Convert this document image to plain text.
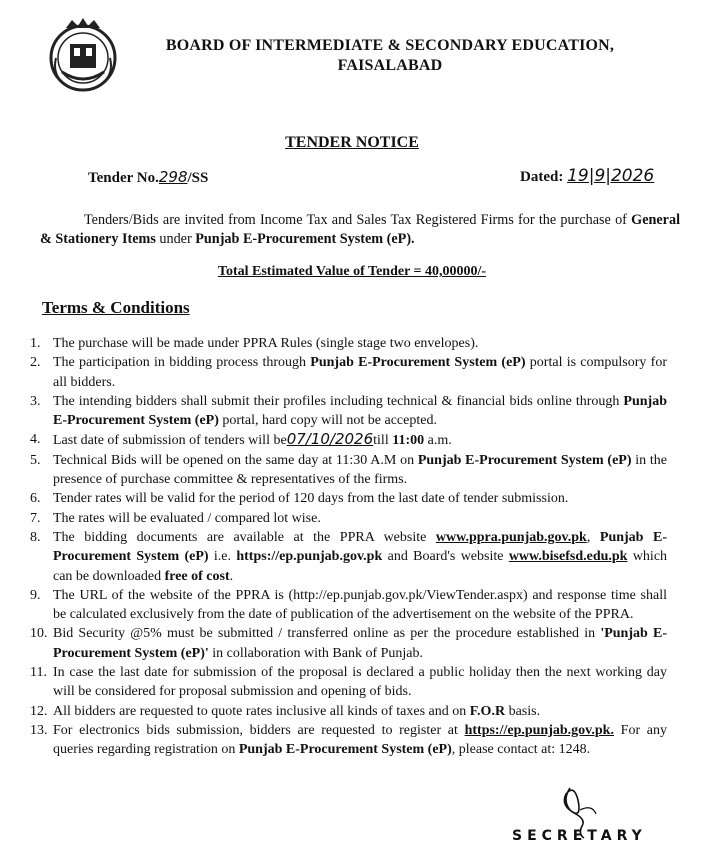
BOARD OF INTERMEDIATE & SECONDARY EDUCATION,
FAISALABAD
TENDER NOTICE
Tender No.298/SS	Dated: 19|9|2026
Tenders/Bids are invited from Income Tax and Sales Tax Registered Firms for the purchase of General & Stationery Items under Punjab E-Procurement System (eP).
Total Estimated Value of Tender = 40,00000/-
Terms & Conditions
1. The purchase will be made under PPRA Rules (single stage two envelopes).
2. The participation in bidding process through Punjab E-Procurement System (eP) portal is compulsory for all bidders.
3. The intending bidders shall submit their profiles including technical & financial bids online through Punjab E-Procurement System (eP) portal, hard copy will not be accepted.
4. Last date of submission of tenders will be07/10/2026till 11:00 a.m.
5. Technical Bids will be opened on the same day at 11:30 A.M on Punjab E-Procurement System (eP) in the presence of purchase committee & representatives of the firms.
6. Tender rates will be valid for the period of 120 days from the last date of tender submission.
7. The rates will be evaluated / compared lot wise.
8. The bidding documents are available at the PPRA website www.ppra.punjab.gov.pk, Punjab E-Procurement System (eP) i.e. https://ep.punjab.gov.pk and Board's website www.bisefsd.edu.pk which can be downloaded free of cost.
9. The URL of the website of the PPRA is (http://ep.punjab.gov.pk/ViewTender.aspx) and response time shall be calculated exclusively from the date of publication of the advertisement on the website of the PPRA.
10. Bid Security @5% must be submitted / transferred online as per the procedure established in 'Punjab E-Procurement System (eP)' in collaboration with Bank of Punjab.
11. In case the last date for submission of the proposal is declared a public holiday then the next working day will be considered for proposal submission and opening of bids.
12. All bidders are requested to quote rates inclusive all kinds of taxes and on F.O.R basis.
13. For electronics bids submission, bidders are requested to register at https://ep.punjab.gov.pk. For any queries regarding registration on Punjab E-Procurement System (eP), please contact at: 1248.
SECRETARY
